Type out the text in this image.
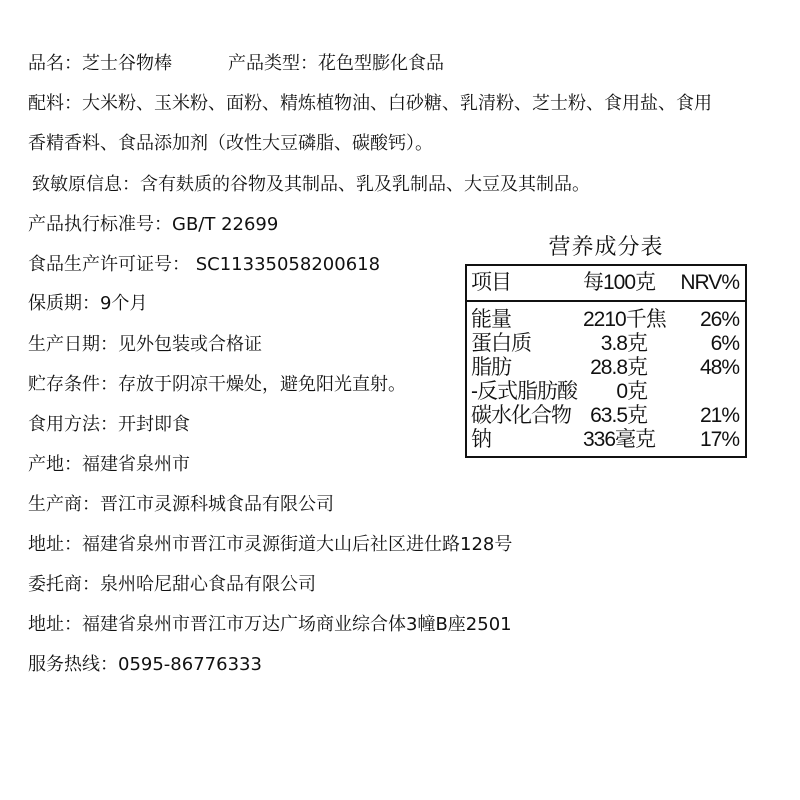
品名：芝士谷物棒	产品类型：花色型膨化食品
配料：大米粉、玉米粉、面粉、精炼植物油、白砂糖、乳清粉、芝士粉、食用盐、食用
香精香料、食品添加剂（改性大豆磷脂、碳酸钙）。
致敏原信息：含有麸质的谷物及其制品、乳及乳制品、大豆及其制品。
产品执行标准号：GB/T 22699
食品生产许可证号： SC11335058200618
保质期：9个月
生产日期：见外包装或合格证
贮存条件：存放于阴凉干燥处，避免阳光直射。
食用方法：开封即食
产地：福建省泉州市
生产商：晋江市灵源科城食品有限公司
地址：福建省泉州市晋江市灵源街道大山后社区进仕路128号
委托商：泉州哈尼甜心食品有限公司
地址：福建省泉州市晋江市万达广场商业综合体3幢B座2501
服务热线：0595-86776333
营养成分表
项目	每100克	NRV%
能量	2210千焦	26%
蛋白质	3.8克	6%
脂肪	28.8克	48%
-反式脂肪酸	0克
碳水化合物 63.5克	21%
钠	336毫克	17%
